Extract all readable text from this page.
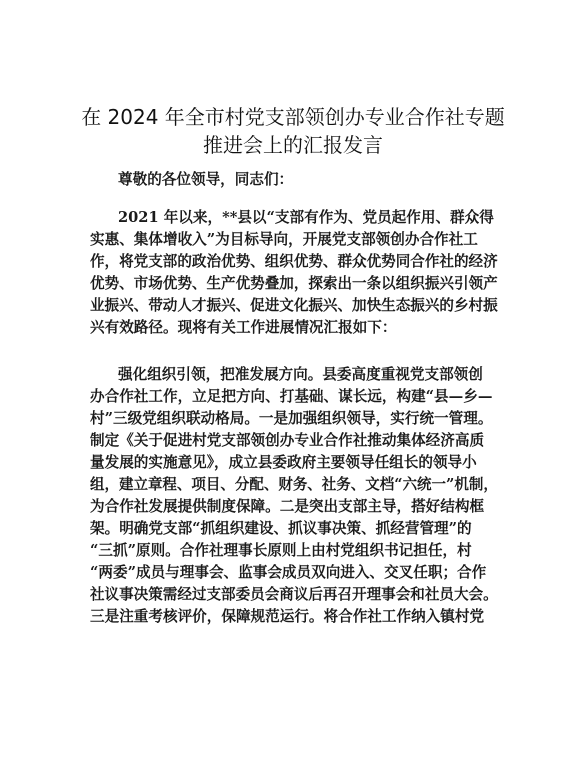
在 2024 年全市村党支部领创办专业合作社专题
推进会上的汇报发言
尊敬的各位领导，同志们：
2021 年以来，**县以“支部有作为、党员起作用、群众得
实惠、集体增收入”为目标导向，开展党支部领创办合作社工
作，将党支部的政治优势、组织优势、群众优势同合作社的经济
优势、市场优势、生产优势叠加，探索出一条以组织振兴引领产
业振兴、带动人才振兴、促进文化振兴、加快生态振兴的乡村振
兴有效路径。现将有关工作进展情况汇报如下：
强化组织引领，把准发展方向。县委高度重视党支部领创
办合作社工作，立足把方向、打基础、谋长远，构建“县—乡—
村”三级党组织联动格局。一是加强组织领导，实行统一管理。
制定《关于促进村党支部领创办专业合作社推动集体经济高质
量发展的实施意见》，成立县委政府主要领导任组长的领导小
组，建立章程、项目、分配、财务、社务、文档“六统一”机制，
为合作社发展提供制度保障。二是突出支部主导，搭好结构框
架。明确党支部“抓组织建设、抓议事决策、抓经营管理”的
“三抓”原则。合作社理事长原则上由村党组织书记担任，村
“两委”成员与理事会、监事会成员双向进入、交叉任职；合作
社议事决策需经过支部委员会商议后再召开理事会和社员大会。
三是注重考核评价，保障规范运行。将合作社工作纳入镇村党
